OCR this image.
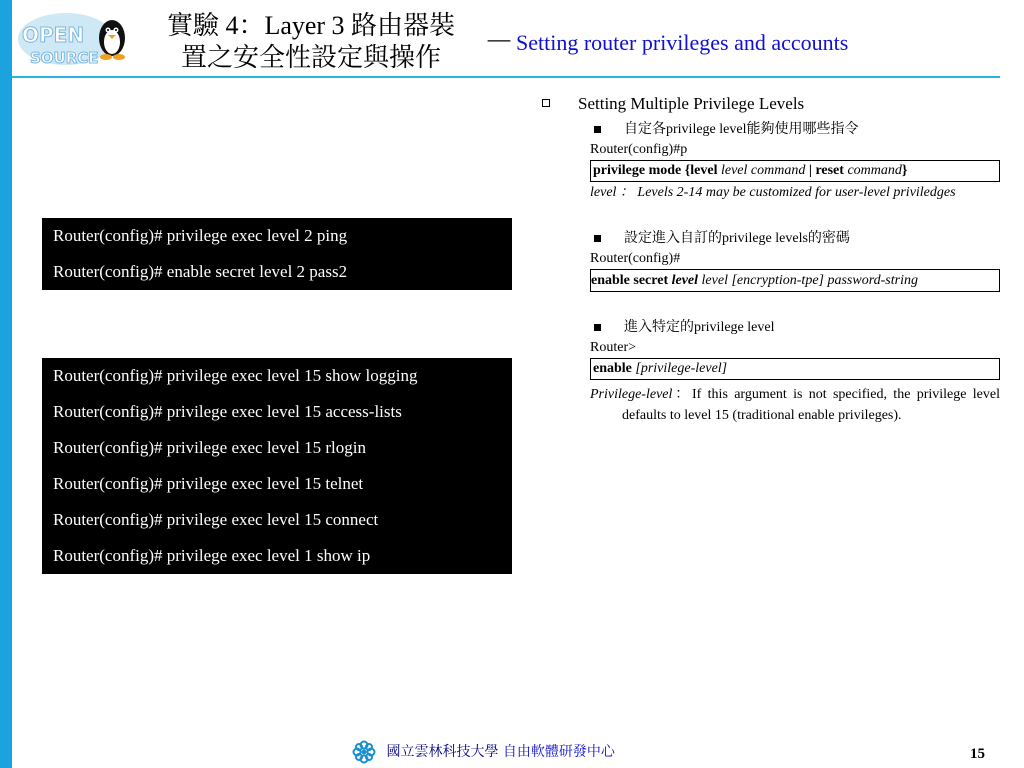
OPEN
SOURCE
實驗 4：Layer 3 路由器裝
置之安全性設定與操作	－ Setting router privileges and accounts
Router(config)# privilege exec level 2 ping
Router(config)# enable secret level 2 pass2
Router(config)# privilege exec level 15 show logging
Router(config)# privilege exec level 15 access-lists
Router(config)# privilege exec level 15 rlogin
Router(config)# privilege exec level 15 telnet
Router(config)# privilege exec level 15 connect
Router(config)# privilege exec level 1 show ip
Setting Multiple Privilege Levels
自定各privilege level能夠使用哪些指令
Router(config)#p
privilege mode {level level command | reset command}
level ： Levels 2-14 may be customized for user-level priviledges
設定進入自訂的privilege levels的密碼
Router(config)#
enable secret level level [encryption-tpe] password-string
進入特定的privilege level
Router>
enable [privilege-level]
Privilege-level：If this argument is not specified, the privilege level defaults to level 15 (traditional enable privileges).
國立雲林科技大學 自由軟體研發中心	15
